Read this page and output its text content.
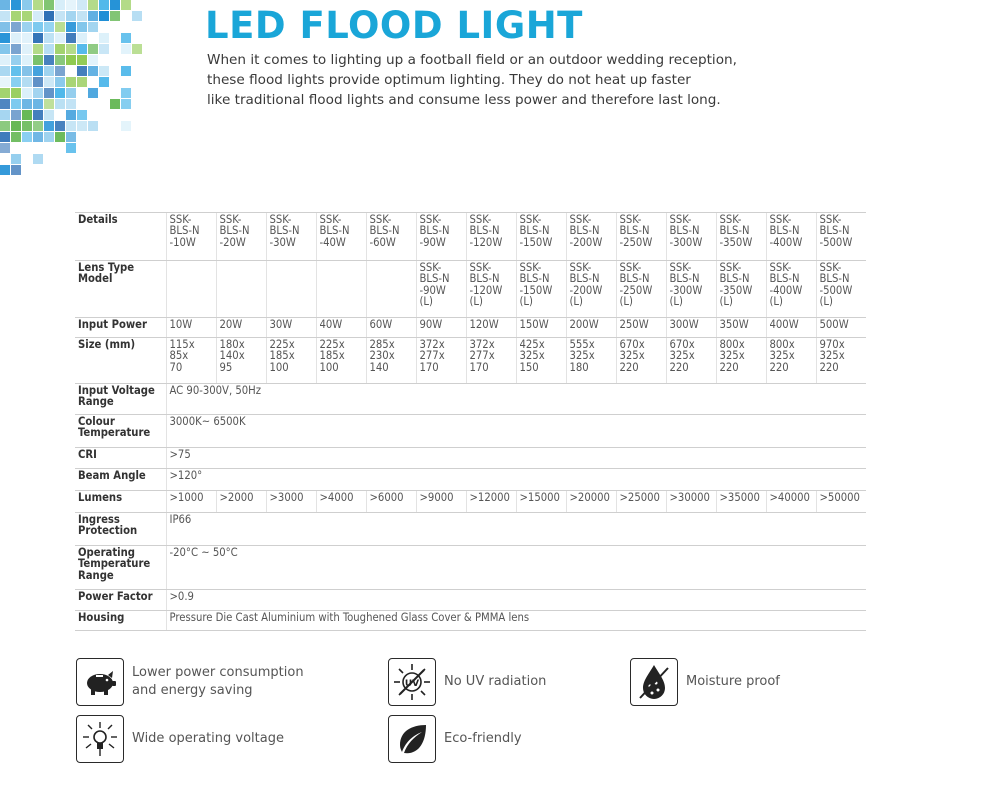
LED FLOOD LIGHT
When it comes to lighting up a football field or an outdoor wedding reception,
these flood lights provide optimum lighting. They do not heat up faster
like traditional flood lights and consume less power and therefore last long.
Details	SSK-
BLS-N
-10W	SSK-
BLS-N
-20W	SSK-
BLS-N
-30W	SSK-
BLS-N
-40W	SSK-
BLS-N
-60W	SSK-
BLS-N
-90W	SSK-
BLS-N
-120W	SSK-
BLS-N
-150W	SSK-
BLS-N
-200W	SSK-
BLS-N
-250W	SSK-
BLS-N
-300W	SSK-
BLS-N
-350W	SSK-
BLS-N
-400W	SSK-
BLS-N
-500W
Lens Type
Model						SSK-
BLS-N
-90W
(L)	SSK-
BLS-N
-120W
(L)	SSK-
BLS-N
-150W
(L)	SSK-
BLS-N
-200W
(L)	SSK-
BLS-N
-250W
(L)	SSK-
BLS-N
-300W
(L)	SSK-
BLS-N
-350W
(L)	SSK-
BLS-N
-400W
(L)	SSK-
BLS-N
-500W
(L)
Input Power	10W	20W	30W	40W	60W	90W	120W	150W	200W	250W	300W	350W	400W	500W
Size (mm)	115x
85x
70	180x
140x
95	225x
185x
100	225x
185x
100	285x
230x
140	372x
277x
170	372x
277x
170	425x
325x
150	555x
325x
180	670x
325x
220	670x
325x
220	800x
325x
220	800x
325x
220	970x
325x
220
Input Voltage
Range	AC 90-300V, 50Hz													
Colour
Temperature	3000K~ 6500K													
CRI	>75													
Beam Angle	>120°													
Lumens	>1000	>2000	>3000	>4000	>6000	>9000	>12000	>15000	>20000	>25000	>30000	>35000	>40000	>50000
Ingress
Protection	IP66													
Operating
Temperature
Range	-20°C ~ 50°C													
Power Factor	>0.9													
Housing	Pressure Die Cast Aluminium with Toughened Glass Cover & PMMA lens													
Lower power consumption
and energy saving	UV No UV radiation	Moisture proof
Wide operating voltage	Eco-friendly
